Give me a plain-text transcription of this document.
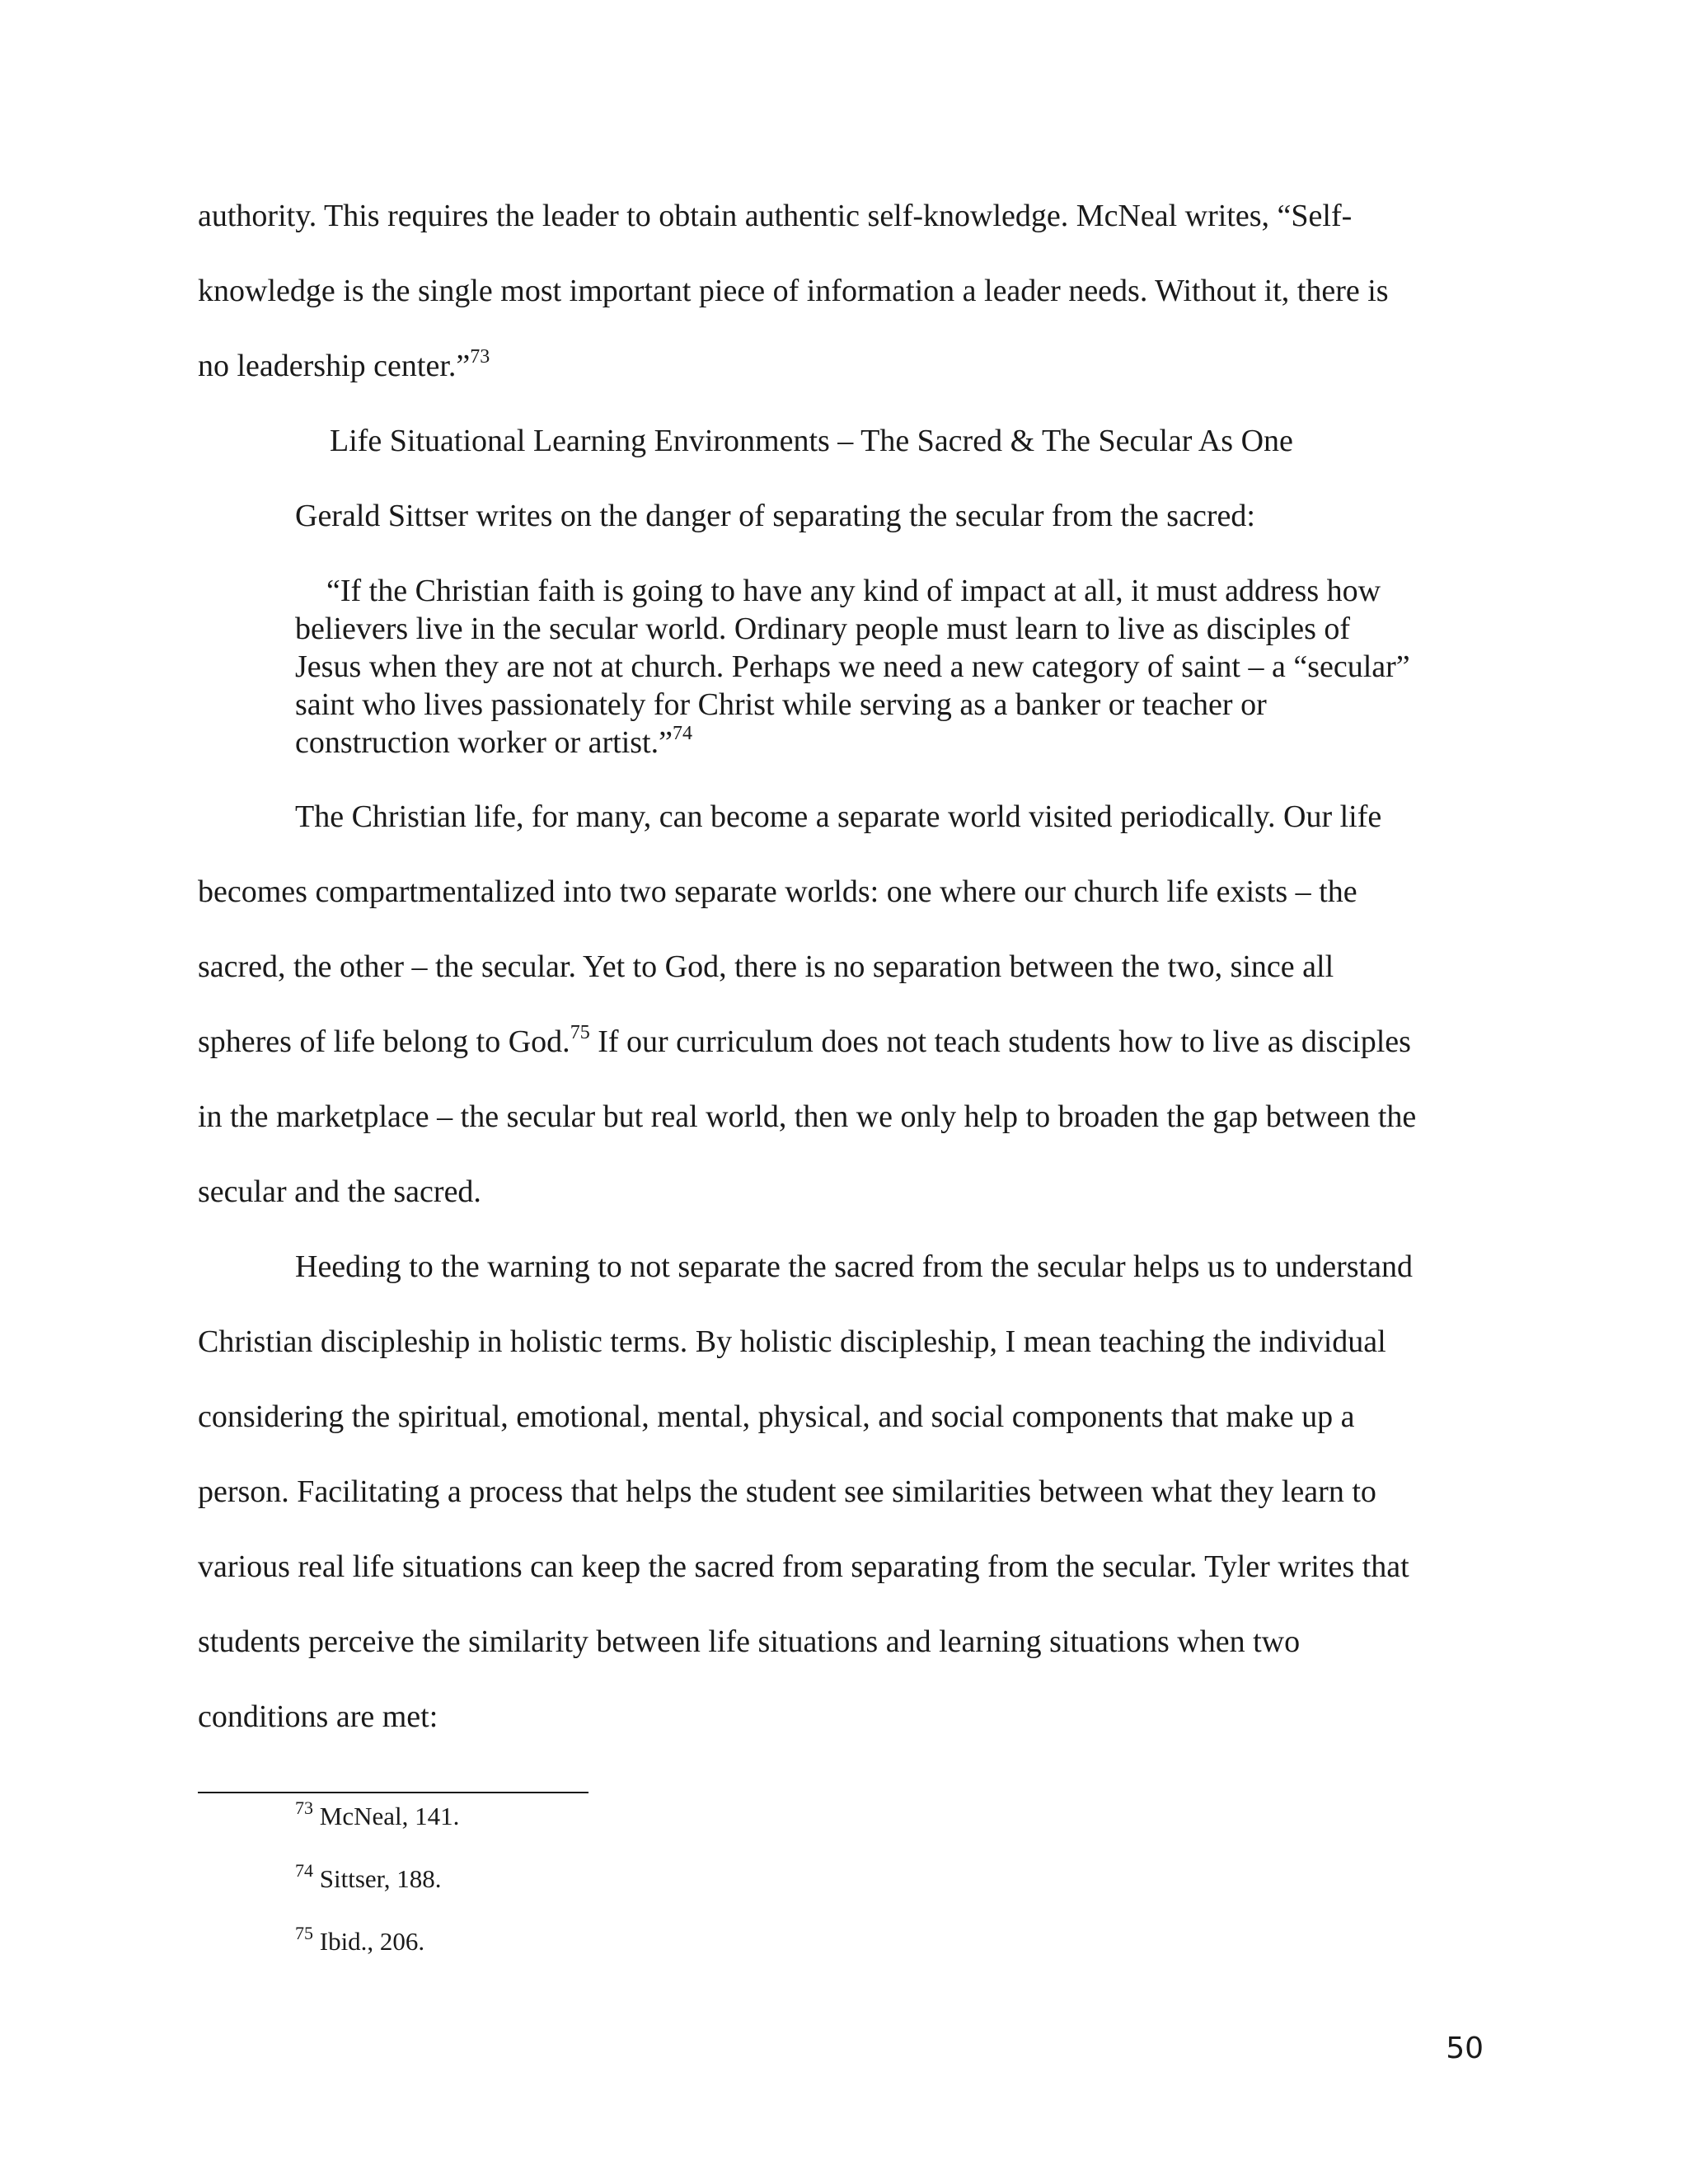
authority. This requires the leader to obtain authentic self-knowledge. McNeal writes, “Self-
knowledge is the single most important piece of information a leader needs. Without it, there is
no leadership center.”$^{73}$
Life Situational Learning Environments – The Sacred & The Secular As One
Gerald Sittser writes on the danger of separating the secular from the sacred:
“If the Christian faith is going to have any kind of impact at all, it must address how
believers live in the secular world. Ordinary people must learn to live as disciples of
Jesus when they are not at church. Perhaps we need a new category of saint – a “secular”
saint who lives passionately for Christ while serving as a banker or teacher or
construction worker or artist.”$^{74}$
The Christian life, for many, can become a separate world visited periodically. Our life
becomes compartmentalized into two separate worlds: one where our church life exists – the
sacred, the other – the secular. Yet to God, there is no separation between the two, since all
spheres of life belong to God.$^{75}$ If our curriculum does not teach students how to live as disciples
in the marketplace – the secular but real world, then we only help to broaden the gap between the
secular and the sacred.
Heeding to the warning to not separate the sacred from the secular helps us to understand
Christian discipleship in holistic terms. By holistic discipleship, I mean teaching the individual
considering the spiritual, emotional, mental, physical, and social components that make up a
person. Facilitating a process that helps the student see similarities between what they learn to
various real life situations can keep the sacred from separating from the secular. Tyler writes that
students perceive the similarity between life situations and learning situations when two
conditions are met:
$^{73}$ McNeal, 141.
$^{74}$ Sittser, 188.
$^{75}$ Ibid., 206.
50
